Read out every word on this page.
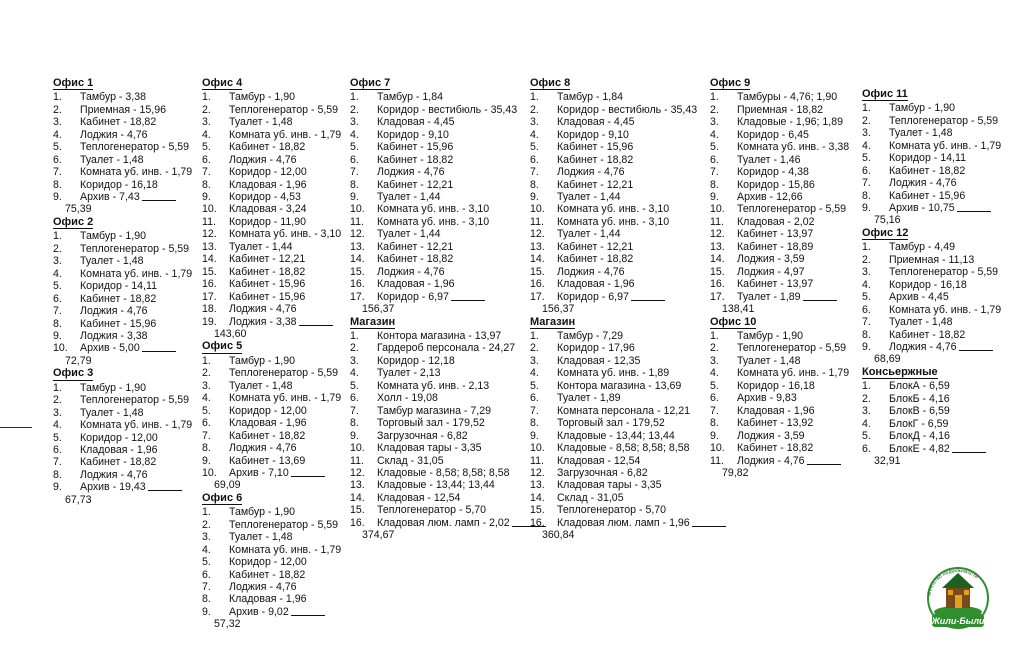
Офис 1
1.	Тамбур - 3,38
2.	Приемная - 15,96
3.	Кабинет - 18,82
4.	Лоджия - 4,76
5.	Теплогенератор - 5,59
6.	Туалет - 1,48
7.	Комната уб. инв. - 1,79
8.	Коридор - 16,18
9.	Архив - 7,43
75,39
Офис 2
1.	Тамбур - 1,90
2.	Теплогенератор - 5,59
3.	Туалет - 1,48
4.	Комната уб. инв. - 1,79
5.	Коридор - 14,11
6.	Кабинет - 18,82
7.	Лоджия - 4,76
8.	Кабинет - 15,96
9.	Лоджия - 3,38
10.	Архив - 5,00
72,79
Офис 3
1.	Тамбур - 1,90
2.	Теплогенератор - 5,59
3.	Туалет - 1,48
4.	Комната уб. инв. - 1,79
5.	Коридор - 12,00
6.	Кладовая - 1,96
7.	Кабинет - 18,82
8.	Лоджия - 4,76
9.	Архив - 19,43
67,73
Офис 4
1.	Тамбур - 1,90
2.	Теплогенератор - 5,59
3.	Туалет - 1,48
4.	Комната уб. инв. - 1,79
5.	Кабинет - 18,82
6.	Лоджия - 4,76
7.	Коридор - 12,00
8.	Кладовая - 1,96
9.	Коридор - 4,53
10.	Кладовая - 3,24
11.	Коридор - 11,90
12.	Комната уб. инв. - 3,10
13.	Туалет - 1,44
14.	Кабинет - 12,21
15.	Кабинет - 18,82
16.	Кабинет - 15,96
17.	Кабинет - 15,96
18.	Лоджия - 4,76
19.	Лоджия - 3,38
143,60
Офис 5
1.	Тамбур - 1,90
2.	Теплогенератор - 5,59
3.	Туалет - 1,48
4.	Комната уб. инв. - 1,79
5.	Коридор - 12,00
6.	Кладовая - 1,96
7.	Кабинет - 18,82
8.	Лоджия - 4,76
9.	Кабинет - 13,69
10.	Архив - 7,10
69,09
Офис 6
1.	Тамбур - 1,90
2.	Теплогенератор - 5,59
3.	Туалет - 1,48
4.	Комната уб. инв. - 1,79
5.	Коридор - 12,00
6.	Кабинет - 18,82
7.	Лоджия - 4,76
8.	Кладовая - 1,96
9.	Архив - 9,02
57,32
Офис 7
1.	Тамбур - 1,84
2.	Коридор - вестибюль - 35,43
3.	Кладовая - 4,45
4.	Коридор - 9,10
5.	Кабинет - 15,96
6.	Кабинет - 18,82
7.	Лоджия - 4,76
8.	Кабинет - 12,21
9.	Туалет - 1,44
10.	Комната уб. инв. - 3,10
11.	Комната уб. инв. - 3,10
12.	Туалет - 1,44
13.	Кабинет - 12,21
14.	Кабинет - 18,82
15.	Лоджия - 4,76
16.	Кладовая - 1,96
17.	Коридор - 6,97
156,37
Магазин
1.	Контора магазина - 13,97
2.	Гардероб персонала - 24,27
3.	Коридор - 12,18
4.	Туалет - 2,13
5.	Комната уб. инв. - 2,13
6.	Холл - 19,08
7.	Тамбур магазина - 7,29
8.	Торговый зал - 179,52
9.	Загрузочная - 6,82
10.	Кладовая тары - 3,35
11.	Склад - 31,05
12.	Кладовые - 8,58; 8,58; 8,58
13.	Кладовые - 13,44; 13,44
14.	Кладовая - 12,54
15.	Теплогенератор - 5,70
16.	Кладовая люм. ламп - 2,02
374,67
Офис 8
1.	Тамбур - 1,84
2.	Коридор - вестибюль - 35,43
3.	Кладовая - 4,45
4.	Коридор - 9,10
5.	Кабинет - 15,96
6.	Кабинет - 18,82
7.	Лоджия - 4,76
8.	Кабинет - 12,21
9.	Туалет - 1,44
10.	Комната уб. инв. - 3,10
11.	Комната уб. инв. - 3,10
12.	Туалет - 1,44
13.	Кабинет - 12,21
14.	Кабинет - 18,82
15.	Лоджия - 4,76
16.	Кладовая - 1,96
17.	Коридор - 6,97
156,37
Магазин
1.	Тамбур - 7,29
2.	Коридор - 17,96
3.	Кладовая - 12,35
4.	Комната уб. инв. - 1,89
5.	Контора магазина - 13,69
6.	Туалет - 1,89
7.	Комната персонала - 12,21
8.	Торговый зал - 179,52
9.	Кладовые - 13,44; 13,44
10.	Кладовые - 8,58; 8,58; 8,58
11.	Кладовая - 12,54
12.	Загрузочная - 6,82
13.	Кладовая тары - 3,35
14.	Склад - 31,05
15.	Теплогенератор - 5,70
16.	Кладовая люм. ламп - 1,96
360,84
Офис 9
1.	Тамбуры - 4,76; 1,90
2.	Приемная - 18,82
3.	Кладовые - 1,96; 1,89
4.	Коридор - 6,45
5.	Комната уб. инв. - 3,38
6.	Туалет - 1,46
7.	Коридор - 4,38
8.	Коридор - 15,86
9.	Архив - 12,66
10.	Теплогенератор - 5,59
11.	Кладовая - 2,02
12.	Кабинет - 13,97
13.	Кабинет - 18,89
14.	Лоджия - 3,59
15.	Лоджия - 4,97
16.	Кабинет - 13,97
17.	Туалет - 1,89
138,41
Офис 10
1.	Тамбур - 1,90
2.	Теплогенератор - 5,59
3.	Туалет - 1,48
4.	Комната уб. инв. - 1,79
5.	Коридор - 16,18
6.	Архив - 9,83
7.	Кладовая - 1,96
8.	Кабинет - 13,92
9.	Лоджия - 3,59
10.	Кабинет - 18,82
11.	Лоджия - 4,76
79,82
Офис 11
1.	Тамбур - 1,90
2.	Теплогенератор - 5,59
3.	Туалет - 1,48
4.	Комната уб. инв. - 1,79
5.	Коридор - 14,11
6.	Кабинет - 18,82
7.	Лоджия - 4,76
8.	Кабинет - 15,96
9.	Архив - 10,75
75,16
Офис 12
1.	Тамбур - 4,49
2.	Приемная - 11,13
3.	Теплогенератор - 5,59
4.	Коридор - 16,18
5.	Архив - 4,45
6.	Комната уб. инв. - 1,79
7.	Туалет - 1,48
8.	Кабинет - 18,82
9.	Лоджия - 4,76
68,69
Консьержные
1.	БлокА - 6,59
2.	БлокБ - 4,16
3.	БлокВ - 6,59
4.	БлокГ - 6,59
5.	БлокД - 4,16
6.	БлокЕ - 4,82
32,91
агентство недвижимости
Жили-Были
